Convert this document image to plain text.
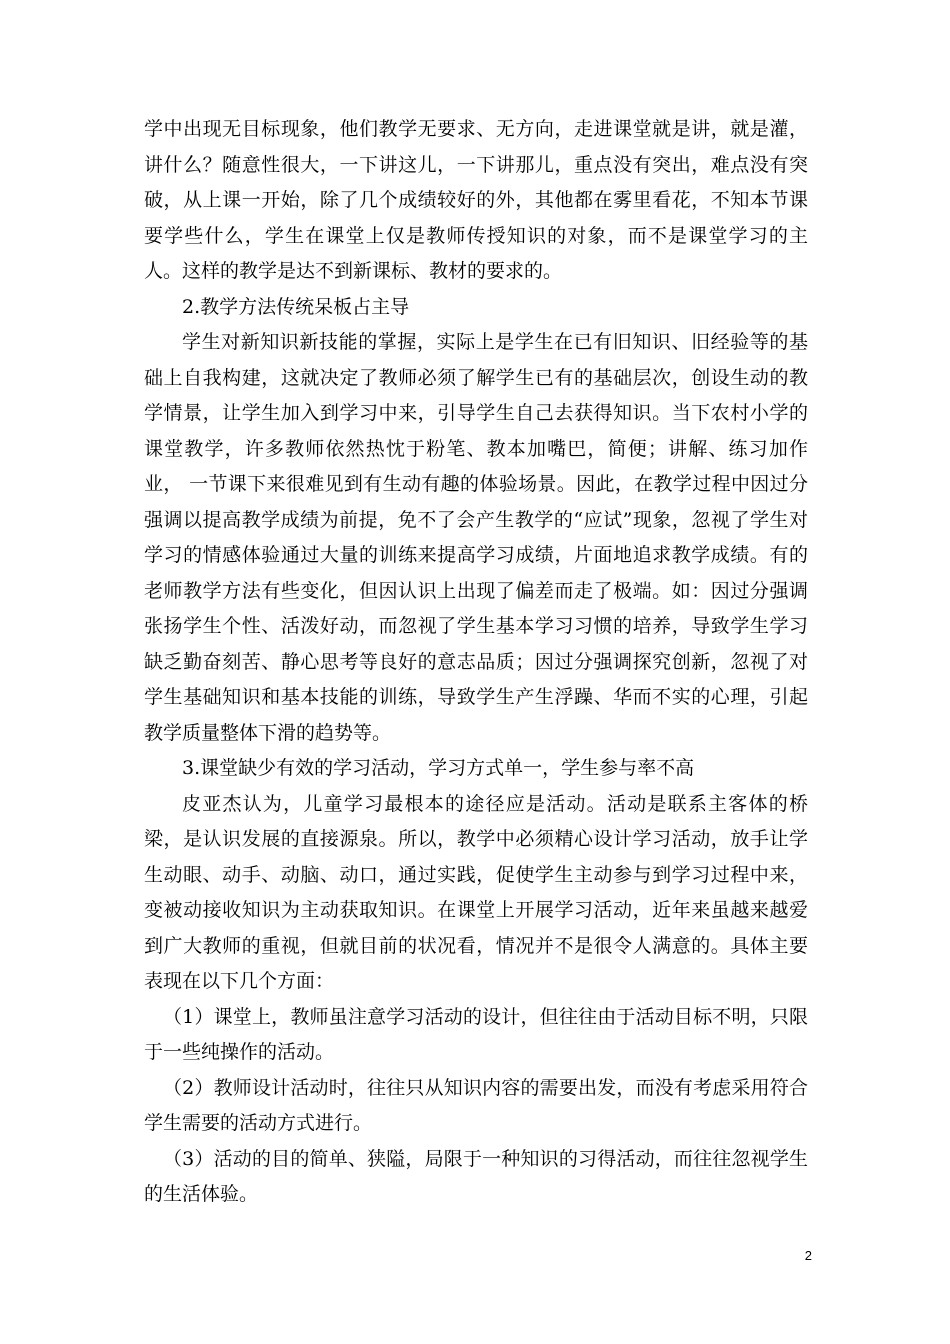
学中出现无目标现象，他们教学无要求、无方向，走进课堂就是讲，就是灌，讲什么？随意性很大，一下讲这儿，一下讲那儿，重点没有突出，难点没有突破，从上课一开始，除了几个成绩较好的外，其他都在雾里看花，不知本节课要学些什么，学生在课堂上仅是教师传授知识的对象，而不是课堂学习的主人。这样的教学是达不到新课标、教材的要求的。

2.教学方法传统呆板占主导

学生对新知识新技能的掌握，实际上是学生在已有旧知识、旧经验等的基础上自我构建，这就决定了教师必须了解学生已有的基础层次，创设生动的教学情景，让学生加入到学习中来，引导学生自己去获得知识。当下农村小学的课堂教学，许多教师依然热忱于粉笔、教本加嘴巴，简便；讲解、练习加作业， 一节课下来很难见到有生动有趣的体验场景。因此，在教学过程中因过分强调以提高教学成绩为前提，免不了会产生教学的“应试”现象，忽视了学生对学习的情感体验通过大量的训练来提高学习成绩，片面地追求教学成绩。有的老师教学方法有些变化，但因认识上出现了偏差而走了极端。如：因过分强调张扬学生个性、活泼好动，而忽视了学生基本学习习惯的培养，导致学生学习缺乏勤奋刻苦、静心思考等良好的意志品质；因过分强调探究创新，忽视了对学生基础知识和基本技能的训练，导致学生产生浮躁、华而不实的心理，引起教学质量整体下滑的趋势等。

3.课堂缺少有效的学习活动，学习方式单一，学生参与率不高

皮亚杰认为，儿童学习最根本的途径应是活动。活动是联系主客体的桥梁，是认识发展的直接源泉。所以，教学中必须精心设计学习活动，放手让学生动眼、动手、动脑、动口，通过实践，促使学生主动参与到学习过程中来，变被动接收知识为主动获取知识。在课堂上开展学习活动，近年来虽越来越爱到广大教师的重视，但就目前的状况看，情况并不是很令人满意的。具体主要表现在以下几个方面：

（1）课堂上，教师虽注意学习活动的设计，但往往由于活动目标不明，只限于一些纯操作的活动。

（2）教师设计活动时，往往只从知识内容的需要出发，而没有考虑采用符合学生需要的活动方式进行。

（3）活动的目的简单、狭隘，局限于一种知识的习得活动，而往往忽视学生的生活体验。

2
